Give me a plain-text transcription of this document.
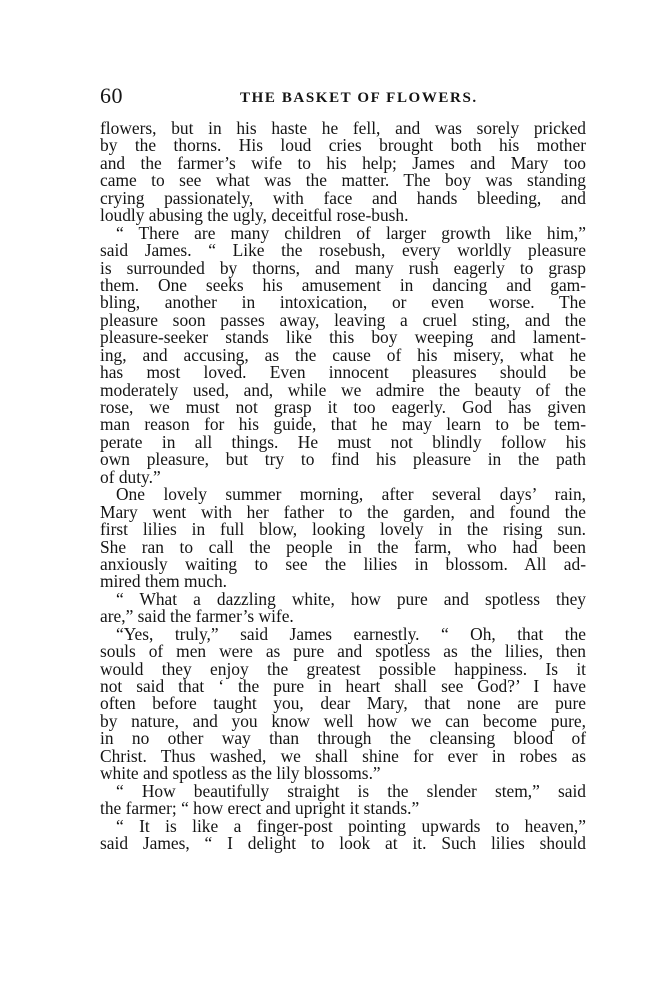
60	THE BASKET OF FLOWERS.
flowers, but in his haste he fell, and was sorely pricked
by the thorns. His loud cries brought both his mother
and the farmer’s wife to his help; James and Mary too
came to see what was the matter. The boy was standing
crying passionately, with face and hands bleeding, and
loudly abusing the ugly, deceitful rose-bush.
“ There are many children of larger growth like him,”
said James. “ Like the rosebush, every worldly pleasure
is surrounded by thorns, and many rush eagerly to grasp
them. One seeks his amusement in dancing and gam-
bling, another in intoxication, or even worse. The
pleasure soon passes away, leaving a cruel sting, and the
pleasure-seeker stands like this boy weeping and lament-
ing, and accusing, as the cause of his misery, what he
has most loved. Even innocent pleasures should be
moderately used, and, while we admire the beauty of the
rose, we must not grasp it too eagerly. God has given
man reason for his guide, that he may learn to be tem-
perate in all things. He must not blindly follow his
own pleasure, but try to find his pleasure in the path
of duty.”
One lovely summer morning, after several days’ rain,
Mary went with her father to the garden, and found the
first lilies in full blow, looking lovely in the rising sun.
She ran to call the people in the farm, who had been
anxiously waiting to see the lilies in blossom. All ad-
mired them much.
“ What a dazzling white, how pure and spotless they
are,” said the farmer’s wife.
“Yes, truly,” said James earnestly. “ Oh, that the
souls of men were as pure and spotless as the lilies, then
would they enjoy the greatest possible happiness. Is it
not said that ‘ the pure in heart shall see God?’ I have
often before taught you, dear Mary, that none are pure
by nature, and you know well how we can become pure,
in no other way than through the cleansing blood of
Christ. Thus washed, we shall shine for ever in robes as
white and spotless as the lily blossoms.”
“ How beautifully straight is the slender stem,” said
the farmer; “ how erect and upright it stands.”
“ It is like a finger-post pointing upwards to heaven,”
said James, “ I delight to look at it. Such lilies should
